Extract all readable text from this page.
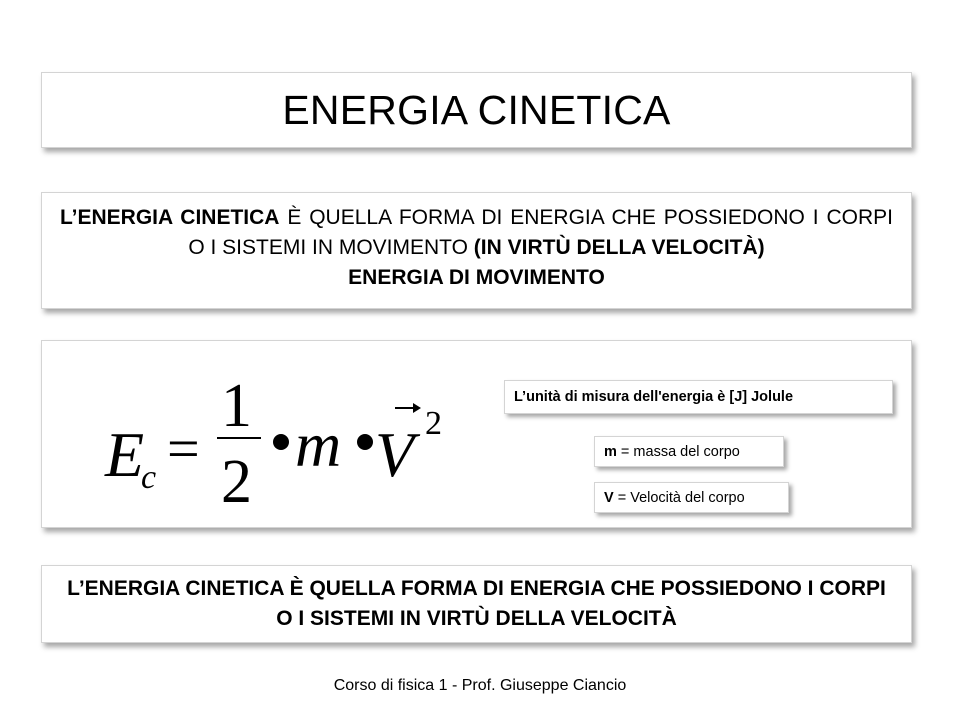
ENERGIA CINETICA

L’ENERGIA CINETICA È QUELLA FORMA DI ENERGIA CHE POSSIEDONO I CORPI O I SISTEMI IN MOVIMENTO (IN VIRTÙ DELLA VELOCITÀ)

ENERGIA DI MOVIMENTO

E
c =
1
2
m V 2
L’unità di misura dell'energia è [J] Jolule
m = massa del corpo
V = Velocità del corpo

L’ENERGIA CINETICA È QUELLA FORMA DI ENERGIA CHE POSSIEDONO I CORPI O I SISTEMI IN VIRTÙ DELLA VELOCITÀ

Corso di fisica 1 - Prof. Giuseppe Ciancio
